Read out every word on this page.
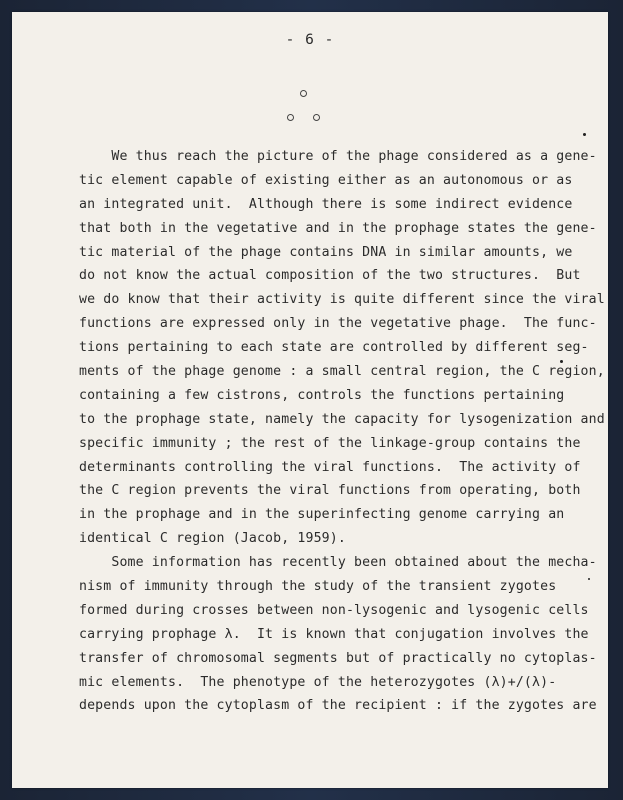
- 6 -
We thus reach the picture of the phage considered as a gene-
tic element capable of existing either as an autonomous or as
an integrated unit.  Although there is some indirect evidence
that both in the vegetative and in the prophage states the gene-
tic material of the phage contains DNA in similar amounts, we
do not know the actual composition of the two structures.  But
we do know that their activity is quite different since the viral
functions are expressed only in the vegetative phage.  The func-
tions pertaining to each state are controlled by different seg-
ments of the phage genome : a small central region, the C region,
containing a few cistrons, controls the functions pertaining
to the prophage state, namely the capacity for lysogenization and
specific immunity ; the rest of the linkage-group contains the
determinants controlling the viral functions.  The activity of
the C region prevents the viral functions from operating, both
in the prophage and in the superinfecting genome carrying an
identical C region (Jacob, 1959).
Some information has recently been obtained about the mecha-
nism of immunity through the study of the transient zygotes
formed during crosses between non-lysogenic and lysogenic cells
carrying prophage λ.  It is known that conjugation involves the
transfer of chromosomal segments but of practically no cytoplas-
mic elements.  The phenotype of the heterozygotes (λ)+/(λ)-
depends upon the cytoplasm of the recipient : if the zygotes are
